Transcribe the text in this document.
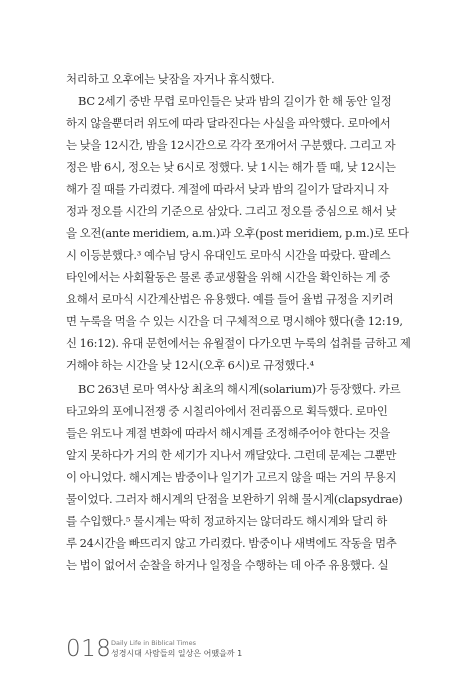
처리하고 오후에는 낮잠을 자거나 휴식했다.
BC 2세기 중반 무렵 로마인들은 낮과 밤의 길이가 한 해 동안 일정
하지 않을뿐더러 위도에 따라 달라진다는 사실을 파악했다. 로마에서
는 낮을 12시간, 밤을 12시간으로 각각 쪼개어서 구분했다. 그리고 자
정은 밤 6시, 정오는 낮 6시로 정했다. 낮 1시는 해가 뜰 때, 낮 12시는
해가 질 때를 가리켰다. 계절에 따라서 낮과 밤의 길이가 달라지니 자
정과 정오를 시간의 기준으로 삼았다. 그리고 정오를 중심으로 해서 낮
을 오전(ante meridiem, a.m.)과 오후(post meridiem, p.m.)로 또다
시 이등분했다.³ 예수님 당시 유대인도 로마식 시간을 따랐다. 팔레스
타인에서는 사회활동은 물론 종교생활을 위해 시간을 확인하는 게 중
요해서 로마식 시간계산법은 유용했다. 예를 들어 율법 규정을 지키려
면 누룩을 먹을 수 있는 시간을 더 구체적으로 명시해야 했다(출 12:19,
신 16:12). 유대 문헌에서는 유월절이 다가오면 누룩의 섭취를 금하고 제
거해야 하는 시간을 낮 12시(오후 6시)로 규정했다.⁴
BC 263년 로마 역사상 최초의 해시계(solarium)가 등장했다. 카르
타고와의 포에니전쟁 중 시칠리아에서 전리품으로 획득했다. 로마인
들은 위도나 계절 변화에 따라서 해시계를 조정해주어야 한다는 것을
알지 못하다가 거의 한 세기가 지나서 깨달았다. 그런데 문제는 그뿐만
이 아니었다. 해시계는 밤중이나 일기가 고르지 않을 때는 거의 무용지
물이었다. 그러자 해시계의 단점을 보완하기 위해 물시계(clapsydrae)
를 수입했다.⁵ 물시계는 딱히 정교하지는 않더라도 해시계와 달리 하
루 24시간을 빠뜨리지 않고 가리켰다. 밤중이나 새벽에도 작동을 멈추
는 법이 없어서 순찰을 하거나 일정을 수행하는 데 아주 유용했다. 실
018 Daily Life in Biblical Times
성경시대 사람들의 일상은 어땠을까 1
